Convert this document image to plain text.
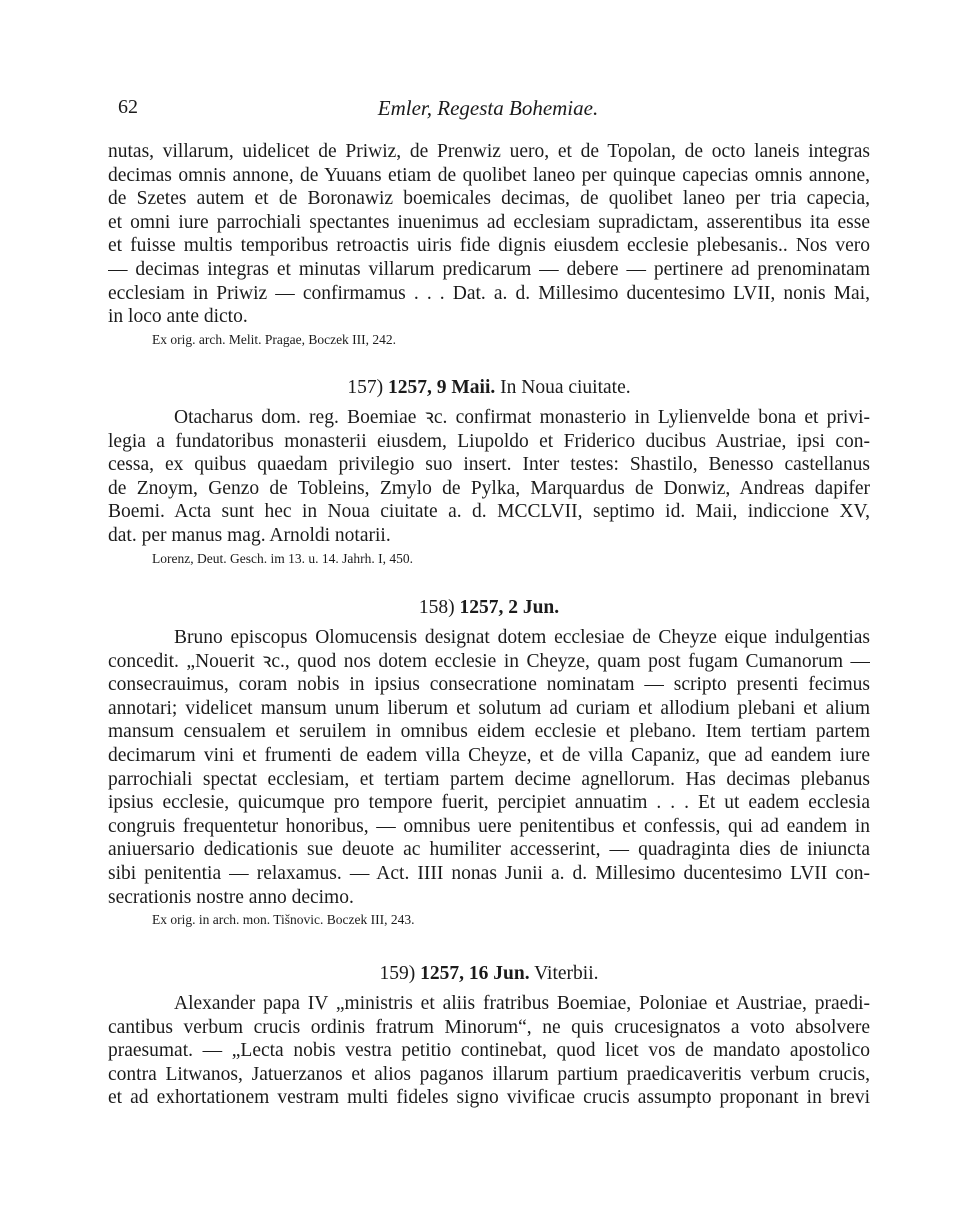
62	Emler, Regesta Bohemiae.
nutas, villarum, uidelicet de Priwiz, de Prenwiz uero, et de Topolan, de octo laneis integras
decimas omnis annone, de Yuuans etiam de quolibet laneo per quinque capecias omnis annone,
de Szetes autem et de Boronawiz boemicales decimas, de quolibet laneo per tria capecia,
et omni iure parrochiali spectantes inuenimus ad ecclesiam supradictam, asserentibus ita esse
et fuisse multis temporibus retroactis uiris fide dignis eiusdem ecclesie plebesanis.. Nos vero
— decimas integras et minutas villarum predicarum — debere — pertinere ad prenominatam
ecclesiam in Priwiz — confirmamus . . . Dat. a. d. Millesimo ducentesimo LVII, nonis Mai,
in loco ante dicto.
Ex orig. arch. Melit. Pragae, Boczek III, 242.
157) 1257, 9 Maii. In Noua ciuitate.
Otacharus dom. reg. Boemiae ꝛc. confirmat monasterio in Lylienvelde bona et privi-
legia a fundatoribus monasterii eiusdem, Liupoldo et Friderico ducibus Austriae, ipsi con-
cessa, ex quibus quaedam privilegio suo insert. Inter testes: Shastilo, Benesso castellanus
de Znoym, Genzo de Tobleins, Zmylo de Pylka, Marquardus de Donwiz, Andreas dapifer
Boemi. Acta sunt hec in Noua ciuitate a. d. MCCLVII, septimo id. Maii, indiccione XV,
dat. per manus mag. Arnoldi notarii.
Lorenz, Deut. Gesch. im 13. u. 14. Jahrh. I, 450.
158) 1257, 2 Jun.
Bruno episcopus Olomucensis designat dotem ecclesiae de Cheyze eique indulgentias
concedit. „Nouerit ꝛc., quod nos dotem ecclesie in Cheyze, quam post fugam Cumanorum —
consecrauimus, coram nobis in ipsius consecratione nominatam — scripto presenti fecimus
annotari; videlicet mansum unum liberum et solutum ad curiam et allodium plebani et alium
mansum censualem et seruilem in omnibus eidem ecclesie et plebano. Item tertiam partem
decimarum vini et frumenti de eadem villa Cheyze, et de villa Capaniz, que ad eandem iure
parrochiali spectat ecclesiam, et tertiam partem decime agnellorum. Has decimas plebanus
ipsius ecclesie, quicumque pro tempore fuerit, percipiet annuatim . . . Et ut eadem ecclesia
congruis frequentetur honoribus, — omnibus uere penitentibus et confessis, qui ad eandem in
aniuersario dedicationis sue deuote ac humiliter accesserint, — quadraginta dies de iniuncta
sibi penitentia — relaxamus. — Act. IIII nonas Junii a. d. Millesimo ducentesimo LVII con-
secrationis nostre anno decimo.
Ex orig. in arch. mon. Tišnovic. Boczek III, 243.
159) 1257, 16 Jun. Viterbii.
Alexander papa IV „ministris et aliis fratribus Boemiae, Poloniae et Austriae, praedi-
cantibus verbum crucis ordinis fratrum Minorum“, ne quis crucesignatos a voto absolvere
praesumat. — „Lecta nobis vestra petitio continebat, quod licet vos de mandato apostolico
contra Litwanos, Jatuerzanos et alios paganos illarum partium praedicaveritis verbum crucis,
et ad exhortationem vestram multi fideles signo vivificae crucis assumpto proponant in brevi
